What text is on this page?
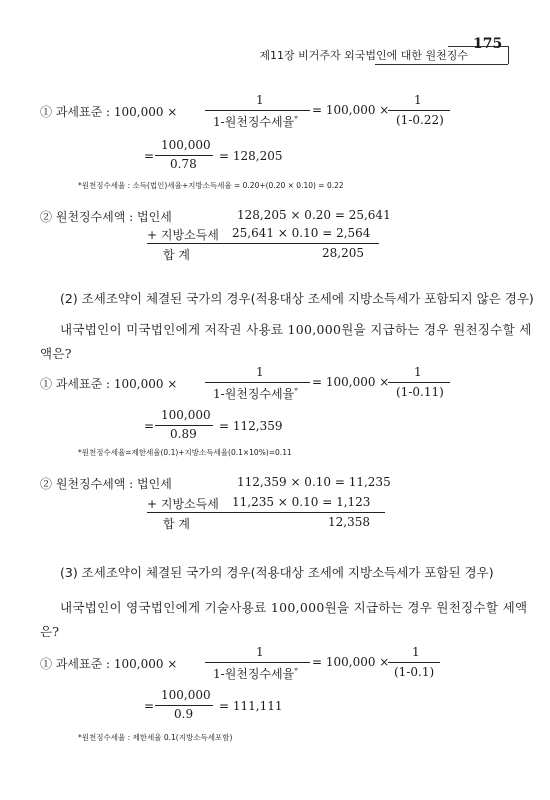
175
제11장 비거주자 외국법인에 대한 원천징수
① 과세표준 : 100,000 ×
1
1-원천징수세율*
= 100,000 ×
1
(1-0.22)
=
100,000
0.78
= 128,205
*원천징수세율 : 소득(법인)세율+지방소득세율 = 0.20+(0.20 × 0.10) = 0.22
② 원천징수세액 : 법인세	128,205 × 0.20 = 25,641
+ 지방소득세 25,641 × 0.10 = 2,564
합 계	28,205
(2) 조세조약이 체결된 국가의 경우(적용대상 조세에 지방소득세가 포함되지 않은 경우)
내국법인이 미국법인에게 저작권 사용료 100,000원을 지급하는 경우 원천징수할 세
액은?
① 과세표준 : 100,000 ×
1
1-원천징수세율*
= 100,000 ×
1
(1-0.11)
=
100,000
0.89
= 112,359
*원천징수세율=제한세율(0.1)+지방소득세율(0.1×10%)=0.11
② 원천징수세액 : 법인세	112,359 × 0.10 = 11,235
+ 지방소득세 11,235 × 0.10 = 1,123
합 계	12,358
(3) 조세조약이 체결된 국가의 경우(적용대상 조세에 지방소득세가 포함된 경우)
내국법인이 영국법인에게 기술사용료 100,000원을 지급하는 경우 원천징수할 세액
은?
① 과세표준 : 100,000 ×
1
1-원천징수세율*
= 100,000 ×
1
(1-0.1)
=
100,000
0.9
= 111,111
*원천징수세율 : 제한세율 0.1(지방소득세포함)
